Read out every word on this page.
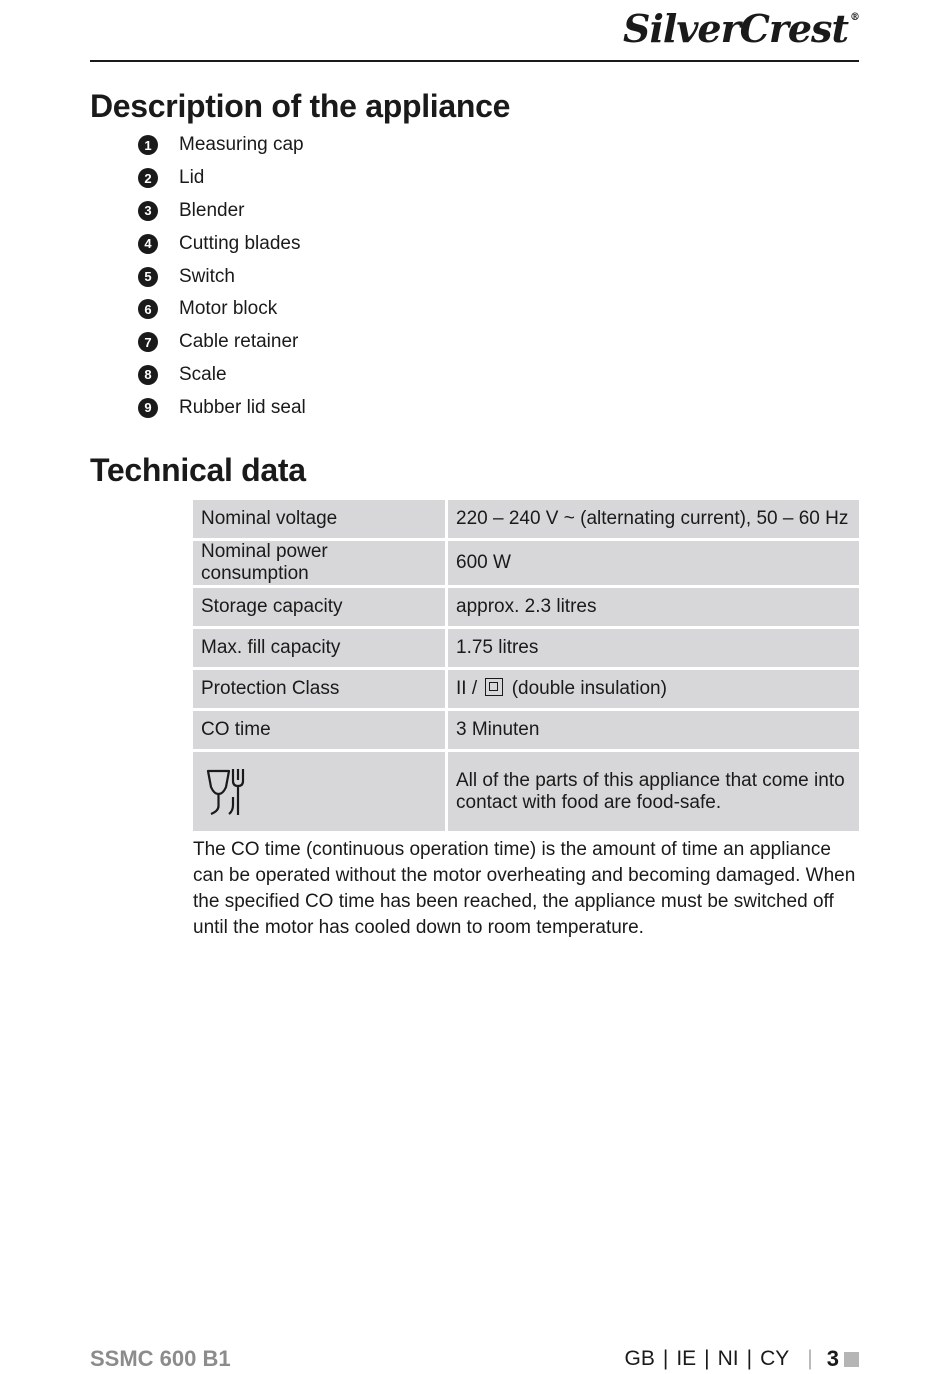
SilverCrest ®
Description of the appliance
1	Measuring cap
2	Lid
3	Blender
4	Cutting blades
5	Switch
6	Motor block
7	Cable retainer
8	Scale
9	Rubber lid seal
Technical data
Nominal voltage	220 – 240 V ~ (alternating current), 50 – 60 Hz
Nominal power consumption	600 W
Storage capacity	approx. 2.3 litres
Max. fill capacity	1.75 litres
Protection Class	II / (double insulation)
CO time	3 Minuten

	All of the parts of this appliance that come into contact with food are food-safe.

The CO time (continuous operation time) is the amount of time an appliance can be operated without the motor overheating and becoming damaged. When the specified CO time has been reached, the appliance must be switched off until the motor has cooled down to room temperature.

SSMC 600 B1	GB | IE | NI | CY | 3
